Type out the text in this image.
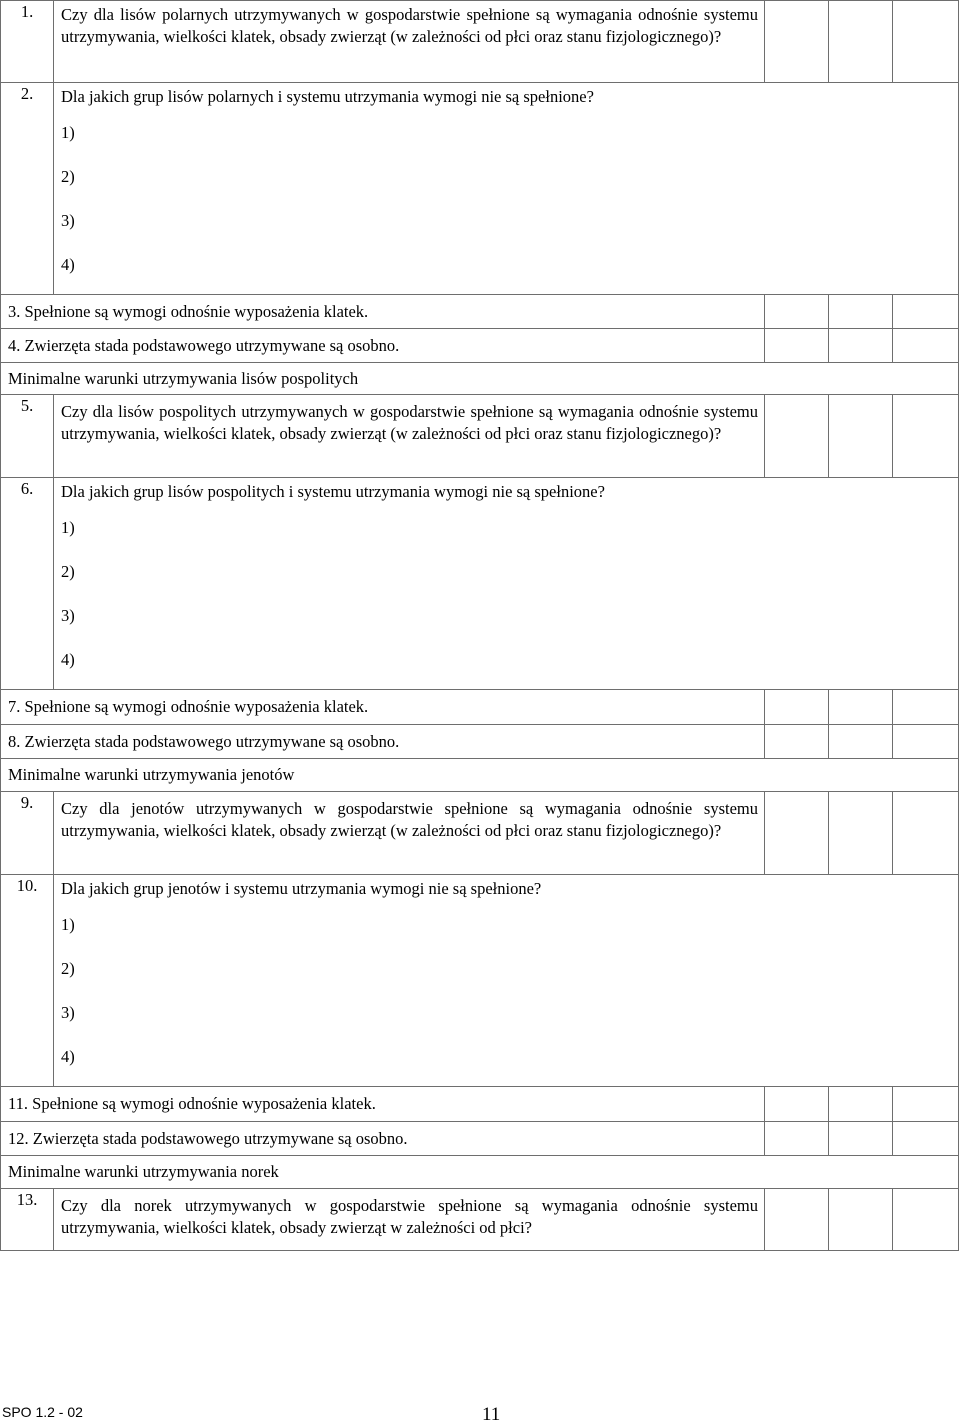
1.	Czy dla lisów polarnych utrzymywanych w gospodarstwie spełnione są wymagania odnośnie systemu utrzymywania, wielkości klatek, obsady zwierząt (w zależności od płci oraz stanu fizjologicznego)?			
2.	Dla jakich grup lisów polarnych i systemu utrzymania wymogi nie są spełnione?
1)
2)
3)
4)			

3. Spełnione są wymogi odnośnie wyposażenia klatek.				
4. Zwierzęta stada podstawowego utrzymywane są osobno.				
Minimalne warunki utrzymywania lisów pospolitych				
5.	Czy dla lisów pospolitych utrzymywanych w gospodarstwie spełnione są wymagania odnośnie systemu utrzymywania, wielkości klatek, obsady zwierząt (w zależności od płci oraz stanu fizjologicznego)?			
6.	Dla jakich grup lisów pospolitych i systemu utrzymania wymogi nie są spełnione?
1)
2)
3)
4)			

7. Spełnione są wymogi odnośnie wyposażenia klatek.				
8. Zwierzęta stada podstawowego utrzymywane są osobno.				
Minimalne warunki utrzymywania jenotów				
9.	Czy dla jenotów utrzymywanych w gospodarstwie spełnione są wymagania odnośnie systemu utrzymywania, wielkości klatek, obsady zwierząt (w zależności od płci oraz stanu fizjologicznego)?			
10.	Dla jakich grup jenotów i systemu utrzymania wymogi nie są spełnione?
1)
2)
3)
4)			

11. Spełnione są wymogi odnośnie wyposażenia klatek.				
12. Zwierzęta stada podstawowego utrzymywane są osobno.				
Minimalne warunki utrzymywania norek				
13.	Czy dla norek utrzymywanych w gospodarstwie spełnione są wymagania odnośnie systemu utrzymywania, wielkości klatek, obsady zwierząt w zależności od płci?			
SPO 1.2 - 02	11
